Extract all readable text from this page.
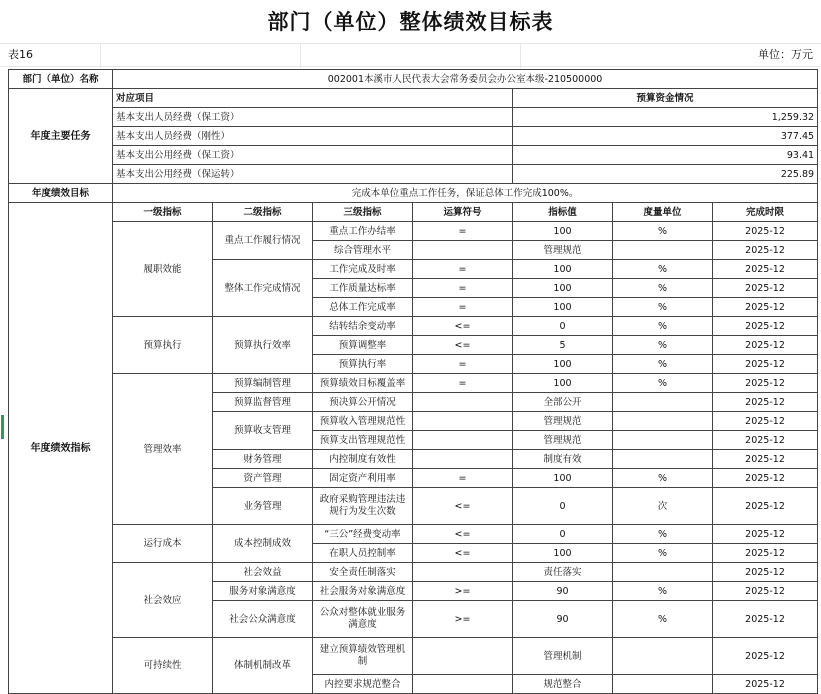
部门（单位）整体绩效目标表
表16	单位：万元
部门（单位）名称	002001本溪市人民代表大会常务委员会办公室本级-210500000						
年度主要任务	对应项目				预算资金情况		
	基本支出人员经费（保工资）				1,259.32		
	基本支出人员经费（刚性）				377.45		
	基本支出公用经费（保工资）				93.41		
	基本支出公用经费（保运转）				225.89		
年度绩效目标	完成本单位重点工作任务，保证总体工作完成100%。						
年度绩效指标	一级指标	二级指标	三级指标	运算符号	指标值	度量单位	完成时限
	履职效能	重点工作履行情况	重点工作办结率	=	100	%	2025-12
			综合管理水平		管理规范		2025-12
		整体工作完成情况	工作完成及时率	=	100	%	2025-12
			工作质量达标率	=	100	%	2025-12
			总体工作完成率	=	100	%	2025-12
	预算执行	预算执行效率	结转结余变动率	<=	0	%	2025-12
			预算调整率	<=	5	%	2025-12
			预算执行率	=	100	%	2025-12
	管理效率	预算编制管理	预算绩效目标覆盖率	=	100	%	2025-12
		预算监督管理	预决算公开情况		全部公开		2025-12
		预算收支管理	预算收入管理规范性		管理规范		2025-12
			预算支出管理规范性		管理规范		2025-12
		财务管理	内控制度有效性		制度有效		2025-12
		资产管理	固定资产利用率	=	100	%	2025-12
		业务管理	政府采购管理违法违规行为发生次数	<=	0	次	2025-12
	运行成本	成本控制成效	“三公”经费变动率	<=	0	%	2025-12
			在职人员控制率	<=	100	%	2025-12
	社会效应	社会效益	安全责任制落实		责任落实		2025-12
		服务对象满意度	社会服务对象满意度	>=	90	%	2025-12
		社会公众满意度	公众对整体就业服务满意度	>=	90	%	2025-12
	可持续性	体制机制改革	建立预算绩效管理机制		管理机制		2025-12
			内控要求规范整合		规范整合		2025-12
